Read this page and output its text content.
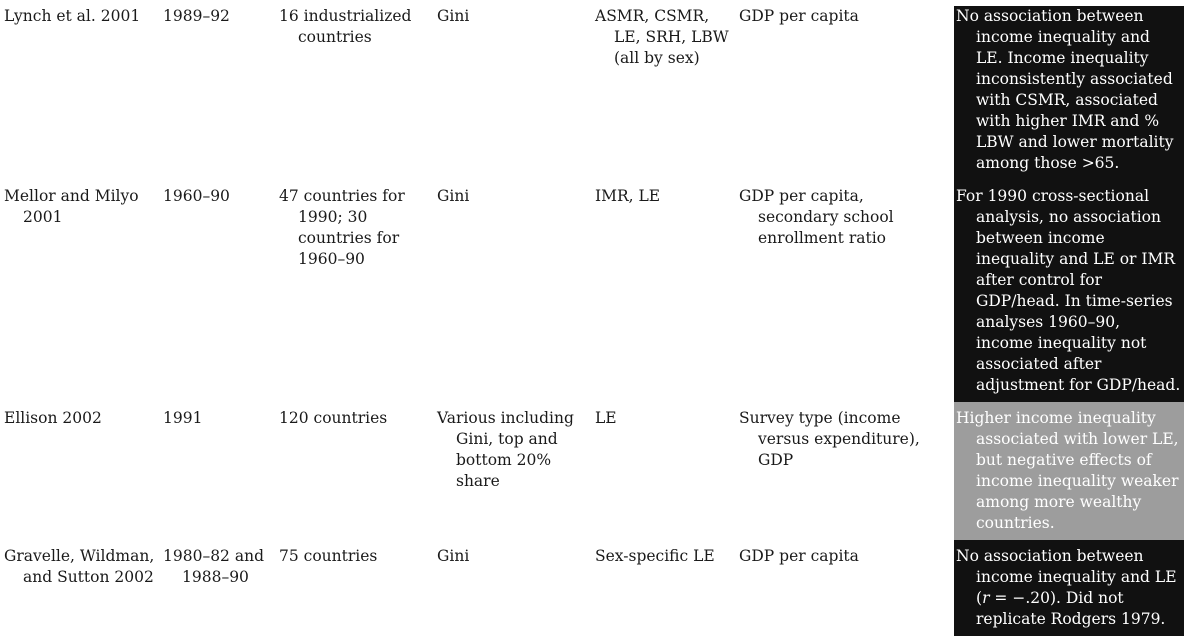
Lynch et al. 2001	1989–92	16 industrialized countries	Gini	ASMR, CSMR, LE, SRH, LBW (all by sex)	GDP per capita	No association between income inequality and LE. Income inequality inconsistently associated with CSMR, associated with higher IMR and % LBW and lower mortality among those >65.
Mellor and Milyo 2001	1960–90	47 countries for 1990; 30 countries for 1960–90	Gini	IMR, LE	GDP per capita, secondary school enrollment ratio	For 1990 cross-sectional analysis, no association between income inequality and LE or IMR after control for GDP/head. In time-series analyses 1960–90, income inequality not associated after adjustment for GDP/head.
Ellison 2002	1991	120 countries	Various including Gini, top and bottom 20% share	LE	Survey type (income versus expenditure), GDP	Higher income inequality associated with lower LE, but negative effects of income inequality weaker among more wealthy countries.
Gravelle, Wildman, and Sutton 2002	1980–82 and 1988–90	75 countries	Gini	Sex-specific LE	GDP per capita	No association between income inequality and LE (r = −.20). Did not replicate Rodgers 1979.
